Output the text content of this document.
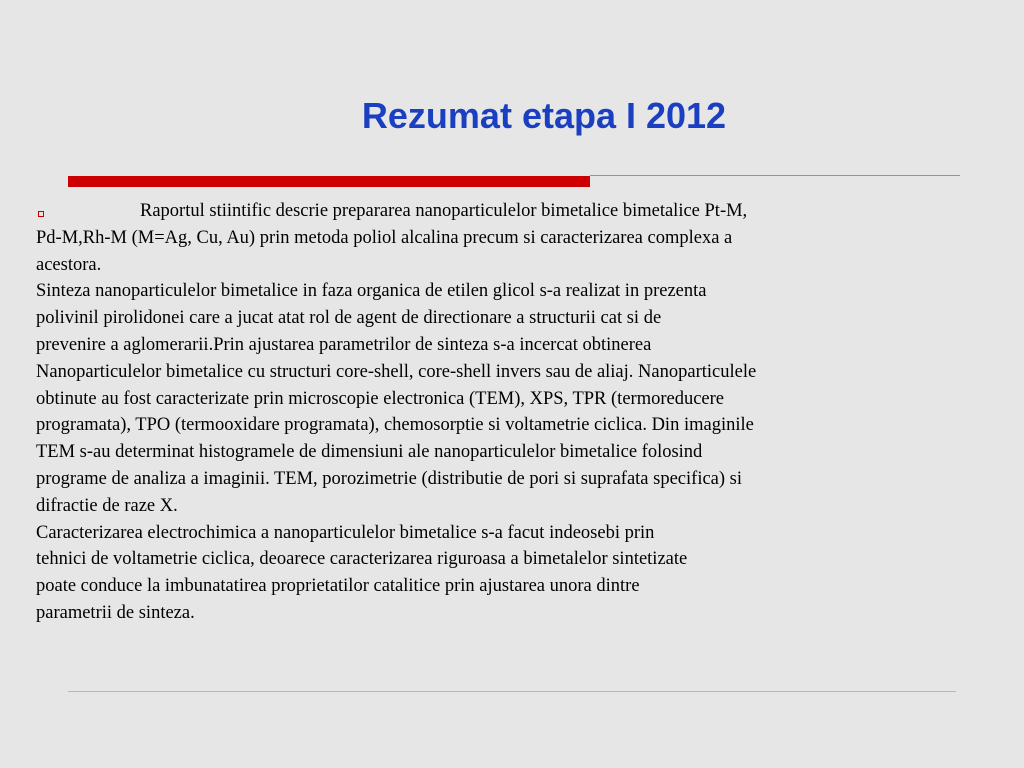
Rezumat etapa I 2012
Raportul stiintific descrie prepararea nanoparticulelor bimetalice bimetalice Pt-M,
Pd-M,Rh-M (M=Ag, Cu, Au) prin metoda poliol alcalina precum si caracterizarea complexa a
acestora.
Sinteza nanoparticulelor bimetalice in faza organica de etilen glicol s-a realizat in prezenta
polivinil pirolidonei care a jucat atat rol de agent de directionare a structurii cat si de
prevenire a aglomerarii.Prin ajustarea parametrilor de sinteza s-a incercat obtinerea
Nanoparticulelor bimetalice cu structuri core-shell, core-shell invers sau de aliaj. Nanoparticulele
obtinute au fost caracterizate prin microscopie electronica (TEM), XPS, TPR (termoreducere
programata), TPO (termooxidare programata), chemosorptie si voltametrie ciclica. Din imaginile
TEM s-au determinat histogramele de dimensiuni ale nanoparticulelor bimetalice folosind
programe de analiza a imaginii. TEM, porozimetrie (distributie de pori si suprafata specifica) si
difractie de raze X.
Caracterizarea electrochimica a nanoparticulelor bimetalice s-a facut indeosebi prin
tehnici de voltametrie ciclica, deoarece caracterizarea riguroasa a bimetalelor sintetizate
poate conduce la imbunatatirea proprietatilor catalitice prin ajustarea unora dintre
parametrii de sinteza.
